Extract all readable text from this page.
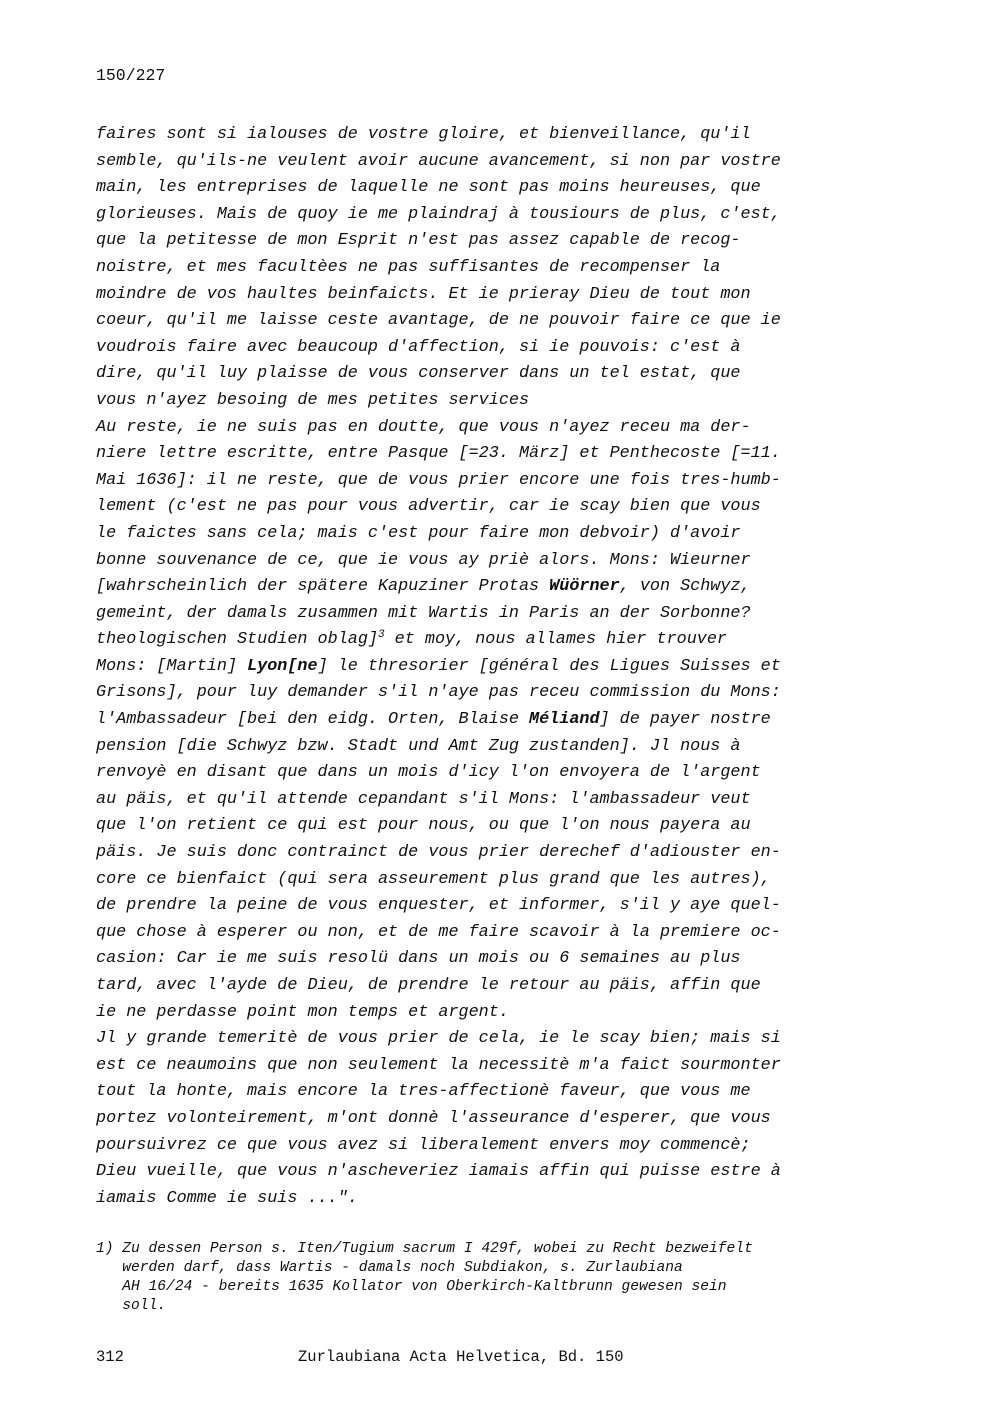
150/227
faires sont si ialouses de vostre gloire, et bienveillance, qu'il
semble, qu'ils-ne veulent avoir aucune avancement, si non par vostre
main, les entreprises de laquelle ne sont pas moins heureuses, que
glorieuses. Mais de quoy ie me plaindraj à tousiours de plus, c'est,
que la petitesse de mon Esprit n'est pas assez capable de recog-
noistre, et mes facultèes ne pas suffisantes de recompenser la
moindre de vos haultes beinfaicts. Et ie prieray Dieu de tout mon
coeur, qu'il me laisse ceste avantage, de ne pouvoir faire ce que ie
voudrois faire avec beaucoup d'affection, si ie pouvois: c'est à
dire, qu'il luy plaisse de vous conserver dans un tel estat, que
vous n'ayez besoing de mes petites services
Au reste, ie ne suis pas en doutte, que vous n'ayez receu ma der-
niere lettre escritte, entre Pasque [=23. März] et Penthecoste [=11.
Mai 1636]: il ne reste, que de vous prier encore une fois tres-humb-
lement (c'est ne pas pour vous advertir, car ie scay bien que vous
le faictes sans cela; mais c'est pour faire mon debvoir) d'avoir
bonne souvenance de ce, que ie vous ay priè alors. Mons: Wieurner
[wahrscheinlich der spätere Kapuziner Protas Wüörner, von Schwyz,
gemeint, der damals zusammen mit Wartis in Paris an der Sorbonne?
theologischen Studien oblag]$^3$ et moy, nous allames hier trouver
Mons: [Martin] Lyon[ne] le thresorier [général des Ligues Suisses et
Grisons], pour luy demander s'il n'aye pas receu commission du Mons:
l'Ambassadeur [bei den eidg. Orten, Blaise Méliand] de payer nostre
pension [die Schwyz bzw. Stadt und Amt Zug zustanden]. Jl nous à
renvoyè en disant que dans un mois d'icy l'on envoyera de l'argent
au päis, et qu'il attende cepandant s'il Mons: l'ambassadeur veut
que l'on retient ce qui est pour nous, ou que l'on nous payera au
päis. Je suis donc contrainct de vous prier derechef d'adiouster en-
core ce bienfaict (qui sera asseurement plus grand que les autres),
de prendre la peine de vous enquester, et informer, s'il y aye quel-
que chose à esperer ou non, et de me faire scavoir à la premiere oc-
casion: Car ie me suis resolü dans un mois ou 6 semaines au plus
tard, avec l'ayde de Dieu, de prendre le retour au päis, affin que
ie ne perdasse point mon temps et argent.
Jl y grande temeritè de vous prier de cela, ie le scay bien; mais si
est ce neaumoins que non seulement la necessitè m'a faict sourmonter
tout la honte, mais encore la tres-affectionè faveur, que vous me
portez volonteirement, m'ont donnè l'asseurance d'esperer, que vous
poursuivrez ce que vous avez si liberalement envers moy commencè;
Dieu vueille, que vous n'ascheveriez iamais affin qui puisse estre à
iamais Comme ie suis ...".
1) Zu dessen Person s. Iten/Tugium sacrum I 429f, wobei zu Recht bezweifelt
werden darf, dass Wartis - damals noch Subdiakon, s. Zurlaubiana
AH 16/24 - bereits 1635 Kollator von Oberkirch-Kaltbrunn gewesen sein
soll.
312	Zurlaubiana Acta Helvetica, Bd. 150
